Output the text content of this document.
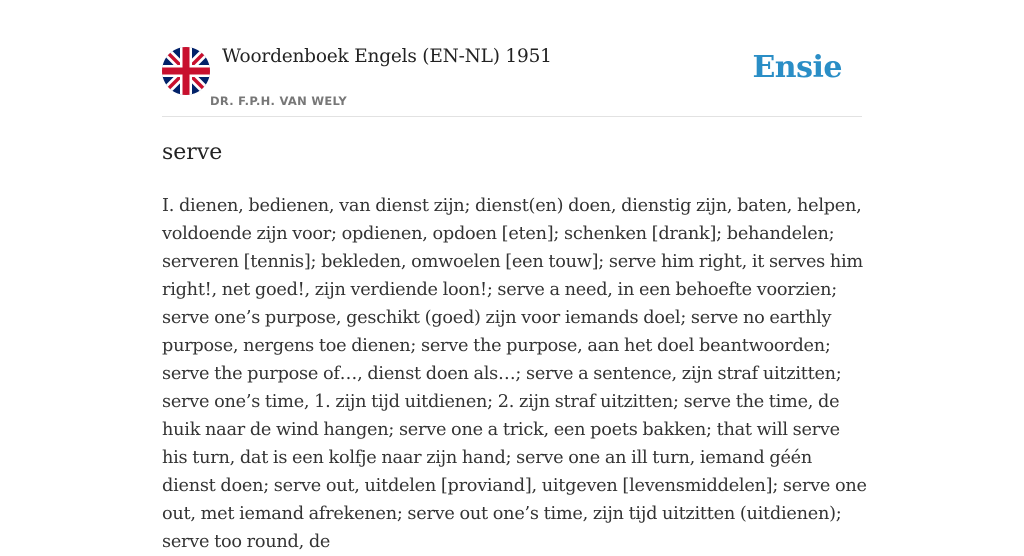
Woordenboek Engels (EN-NL) 1951
DR. F.P.H. VAN WELY
Ensie
serve

I. dienen, bedienen, van dienst zijn; dienst(en) doen, dienstig zijn, baten, helpen, voldoende zijn voor; opdienen, opdoen [eten]; schenken [drank]; behandelen; serveren [tennis]; bekleden, omwoelen [een touw]; serve him right, it serves him right!, net goed!, zijn verdiende loon!; serve a need, in een behoefte voorzien; serve one’s purpose, geschikt (goed) zijn voor iemands doel; serve no earthly purpose, nergens toe dienen; serve the purpose, aan het doel beantwoorden; serve the purpose of…, dienst doen als…; serve a sentence, zijn straf uitzitten; serve one’s time, 1. zijn tijd uitdienen; 2. zijn straf uitzitten; serve the time, de huik naar de wind hangen; serve one a trick, een poets bakken; that will serve his turn, dat is een kolfje naar zijn hand; serve one an ill turn, iemand géén dienst doen; serve out, uitdelen [proviand], uitgeven [levensmiddelen]; serve one out, met iemand afrekenen; serve out one’s time, zijn tijd uitzitten (uitdienen); serve too round, de
